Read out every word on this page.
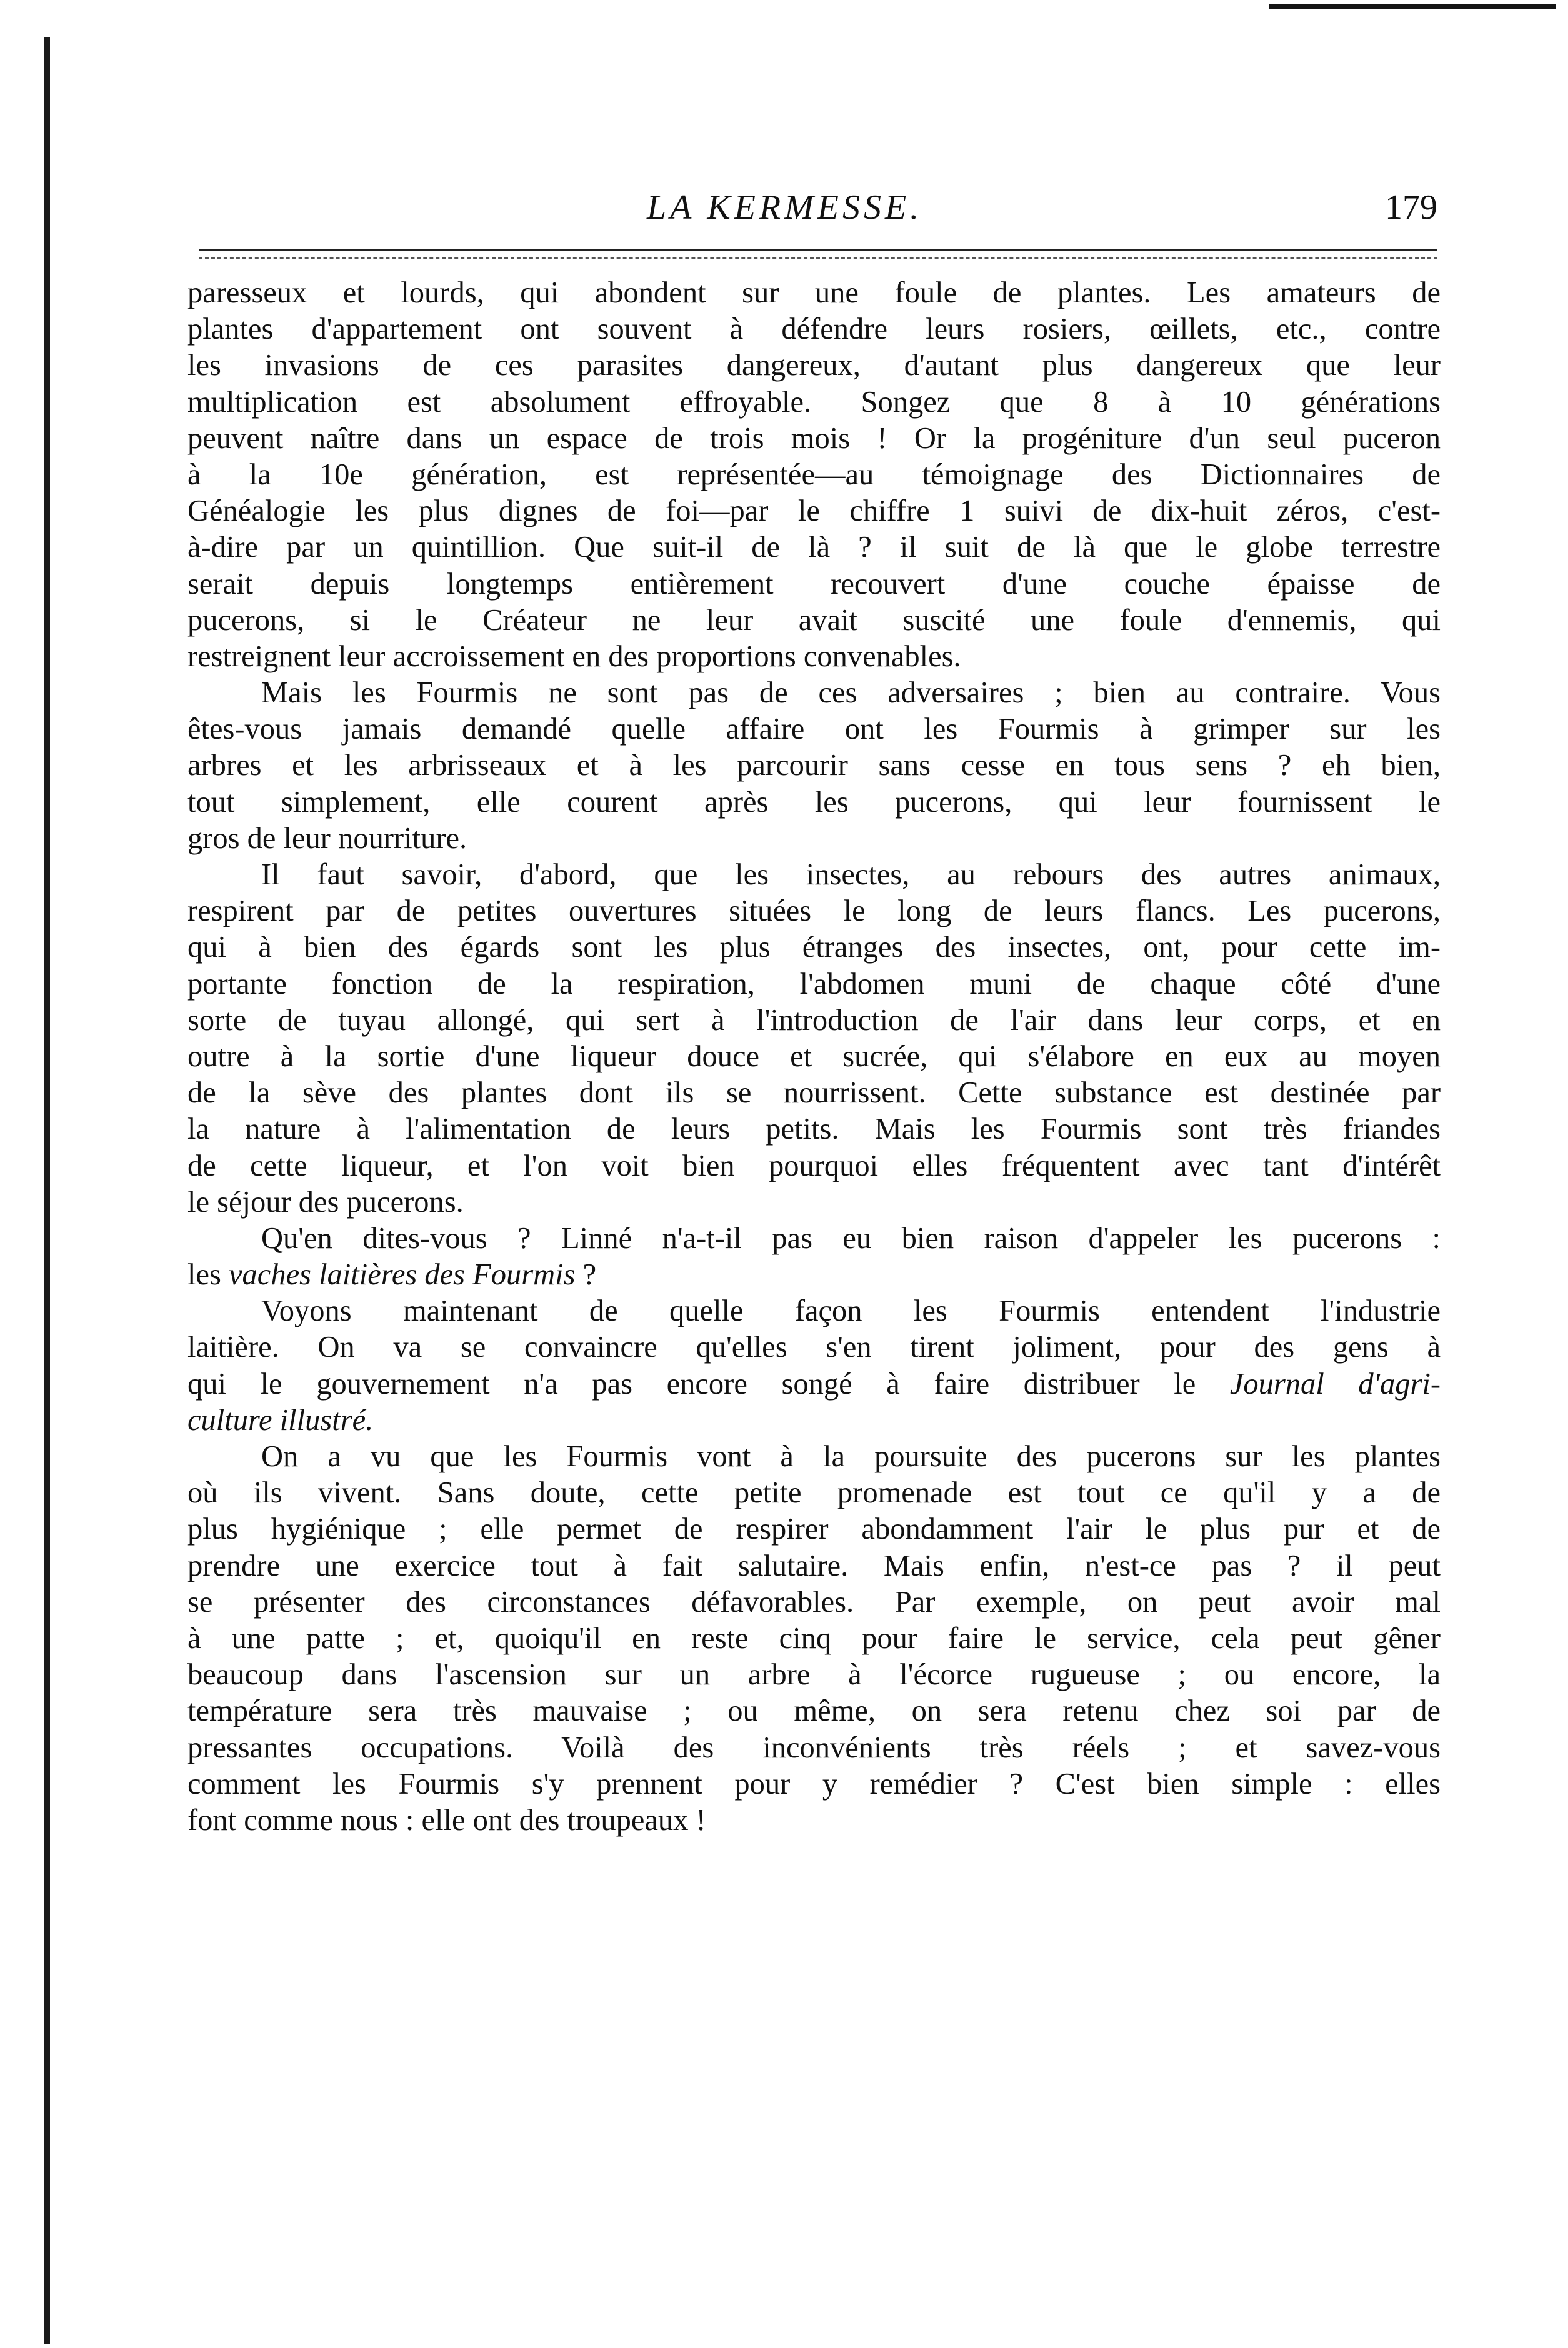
LA KERMESSE.	179
paresseux et lourds, qui abondent sur une foule de plantes. Les amateurs de
plantes d'appartement ont souvent à défendre leurs rosiers, œillets, etc., contre
les invasions de ces parasites dangereux, d'autant plus dangereux que leur
multiplication est absolument effroyable. Songez que 8 à 10 générations
peuvent naître dans un espace de trois mois ! Or la progéniture d'un seul puceron
à la 10e génération, est représentée—au témoignage des Dictionnaires de
Généalogie les plus dignes de foi—par le chiffre 1 suivi de dix-huit zéros, c'est-
à-dire par un quintillion. Que suit-il de là ? il suit de là que le globe terrestre
serait depuis longtemps entièrement recouvert d'une couche épaisse de
pucerons, si le Créateur ne leur avait suscité une foule d'ennemis, qui
restreignent leur accroissement en des proportions convenables.
Mais les Fourmis ne sont pas de ces adversaires ; bien au contraire. Vous
êtes-vous jamais demandé quelle affaire ont les Fourmis à grimper sur les
arbres et les arbrisseaux et à les parcourir sans cesse en tous sens ? eh bien,
tout simplement, elle courent après les pucerons, qui leur fournissent le
gros de leur nourriture.
Il faut savoir, d'abord, que les insectes, au rebours des autres animaux,
respirent par de petites ouvertures situées le long de leurs flancs. Les pucerons,
qui à bien des égards sont les plus étranges des insectes, ont, pour cette im-
portante fonction de la respiration, l'abdomen muni de chaque côté d'une
sorte de tuyau allongé, qui sert à l'introduction de l'air dans leur corps, et en
outre à la sortie d'une liqueur douce et sucrée, qui s'élabore en eux au moyen
de la sève des plantes dont ils se nourrissent. Cette substance est destinée par
la nature à l'alimentation de leurs petits. Mais les Fourmis sont très friandes
de cette liqueur, et l'on voit bien pourquoi elles fréquentent avec tant d'intérêt
le séjour des pucerons.
Qu'en dites-vous ? Linné n'a-t-il pas eu bien raison d'appeler les pucerons :
les vaches laitières des Fourmis ?
Voyons maintenant de quelle façon les Fourmis entendent l'industrie
laitière. On va se convaincre qu'elles s'en tirent joliment, pour des gens à
qui le gouvernement n'a pas encore songé à faire distribuer le Journal d'agri-
culture illustré.
On a vu que les Fourmis vont à la poursuite des pucerons sur les plantes
où ils vivent. Sans doute, cette petite promenade est tout ce qu'il y a de
plus hygiénique ; elle permet de respirer abondamment l'air le plus pur et de
prendre une exercice tout à fait salutaire. Mais enfin, n'est-ce pas ? il peut
se présenter des circonstances défavorables. Par exemple, on peut avoir mal
à une patte ; et, quoiqu'il en reste cinq pour faire le service, cela peut gêner
beaucoup dans l'ascension sur un arbre à l'écorce rugueuse ; ou encore, la
température sera très mauvaise ; ou même, on sera retenu chez soi par de
pressantes occupations. Voilà des inconvénients très réels ; et savez-vous
comment les Fourmis s'y prennent pour y remédier ? C'est bien simple : elles
font comme nous : elle ont des troupeaux !
